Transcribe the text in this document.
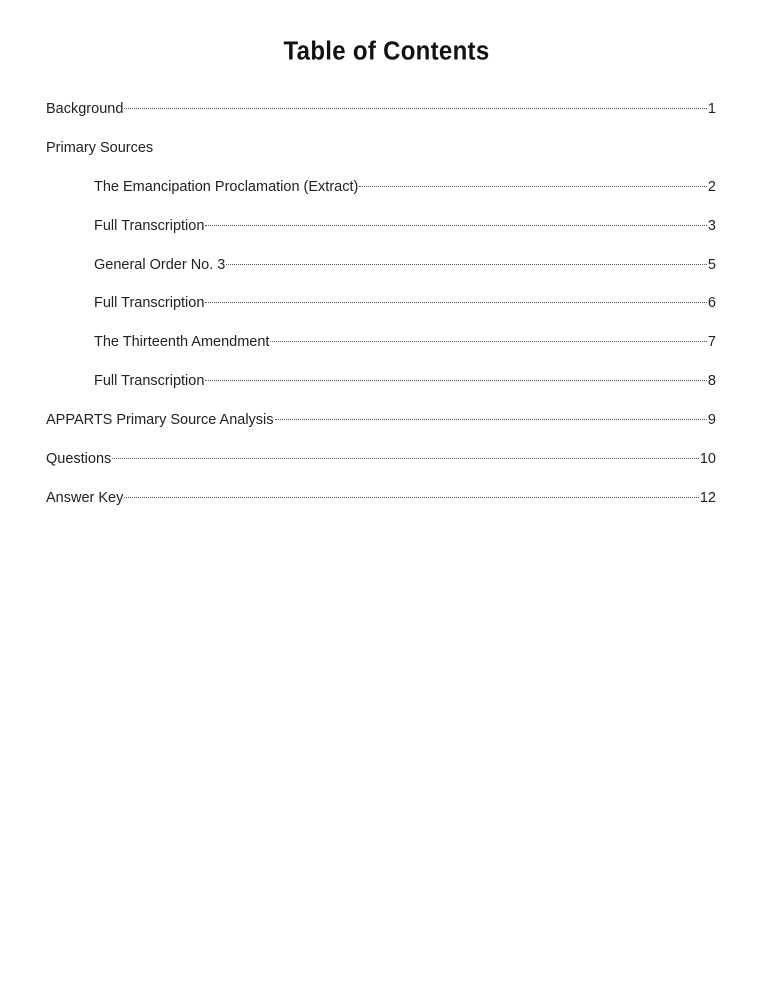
Table of Contents
Background	1
Primary Sources
The Emancipation Proclamation (Extract)	2
Full Transcription	3
General Order No. 3	5
Full Transcription	6
The Thirteenth Amendment	7
Full Transcription	8
APPARTS Primary Source Analysis	9
Questions	10
Answer Key	12
